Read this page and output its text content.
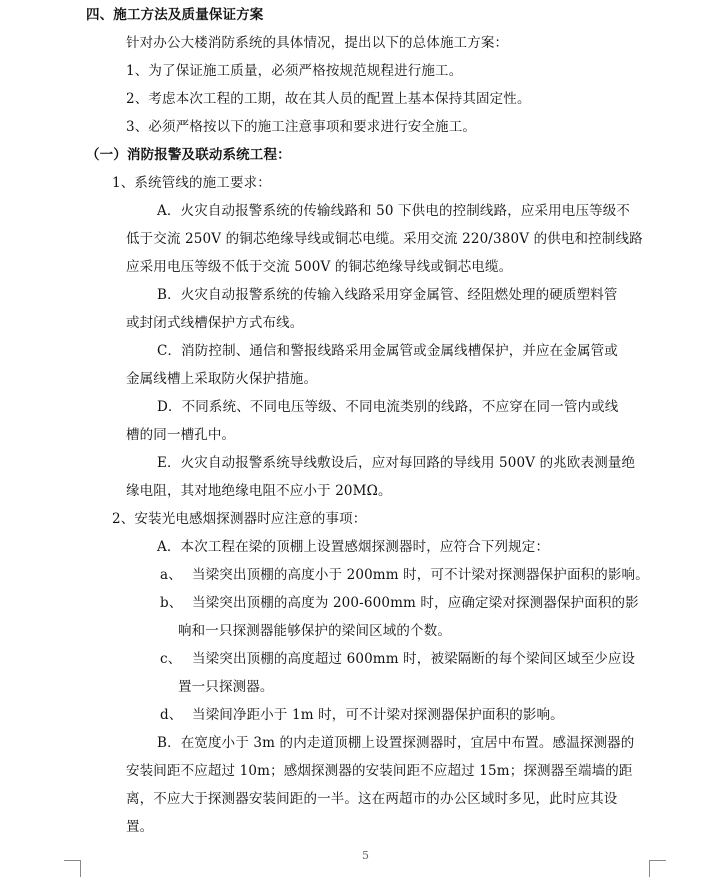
四、施工方法及质量保证方案
针对办公大楼消防系统的具体情况，提出以下的总体施工方案：
1、为了保证施工质量，必须严格按规范规程进行施工。
2、考虑本次工程的工期，故在其人员的配置上基本保持其固定性。
3、必须严格按以下的施工注意事项和要求进行安全施工。
（一）消防报警及联动系统工程：
1、系统管线的施工要求：
A．火灾自动报警系统的传输线路和 50 下供电的控制线路，应采用电压等级不
低于交流 250V 的铜芯绝缘导线或铜芯电缆。采用交流 220/380V 的供电和控制线路
应采用电压等级不低于交流 500V 的铜芯绝缘导线或铜芯电缆。
B．火灾自动报警系统的传输入线路采用穿金属管、经阻燃处理的硬质塑料管
或封闭式线槽保护方式布线。
C．消防控制、通信和警报线路采用金属管或金属线槽保护，并应在金属管或
金属线槽上采取防火保护措施。
D．不同系统、不同电压等级、不同电流类别的线路，不应穿在同一管内或线
槽的同一槽孔中。
E．火灾自动报警系统导线敷设后，应对每回路的导线用 500V 的兆欧表测量绝
缘电阻，其对地绝缘电阻不应小于 20MΩ。
2、安装光电感烟探测器时应注意的事项：
A．本次工程在梁的顶棚上设置感烟探测器时，应符合下列规定：
a、 当梁突出顶棚的高度小于 200mm 时，可不计梁对探测器保护面积的影响。
b、 当梁突出顶棚的高度为 200-600mm 时，应确定梁对探测器保护面积的影
响和一只探测器能够保护的梁间区域的个数。
c、 当梁突出顶棚的高度超过 600mm 时，被梁隔断的每个梁间区域至少应设
置一只探测器。
d、 当梁间净距小于 1m 时，可不计梁对探测器保护面积的影响。
B．在宽度小于 3m 的内走道顶棚上设置探测器时，宜居中布置。感温探测器的
安装间距不应超过 10m；感烟探测器的安装间距不应超过 15m；探测器至端墙的距
离，不应大于探测器安装间距的一半。这在两超市的办公区域时多见，此时应其设
置。
5
